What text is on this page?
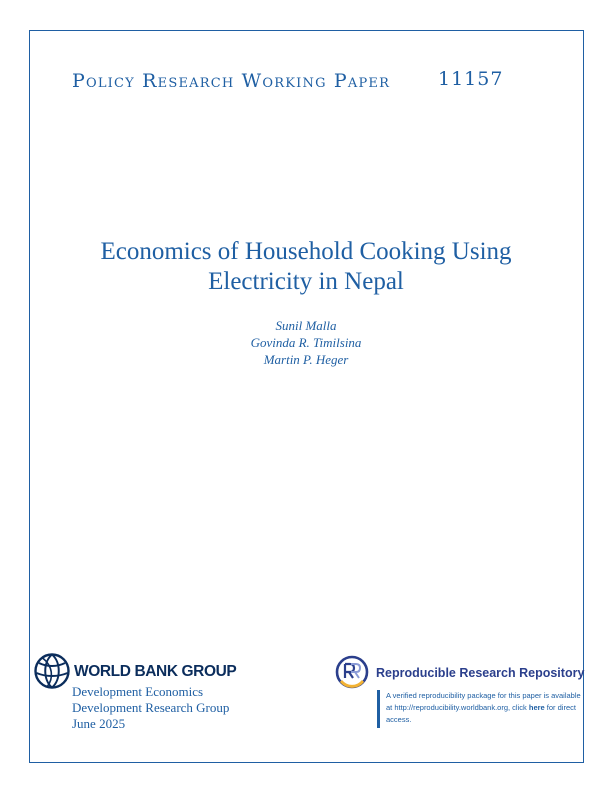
Policy Research Working Paper	11157
Economics of Household Cooking Using
Electricity in Nepal
Sunil Malla
Govinda R. Timilsina
Martin P. Heger
WORLD BANK GROUP
Development Economics
Development Research Group
June 2025
Reproducible Research Repository
A verified reproducibility package for this paper is available at http://reproducibility.worldbank.org, click here for direct access.
